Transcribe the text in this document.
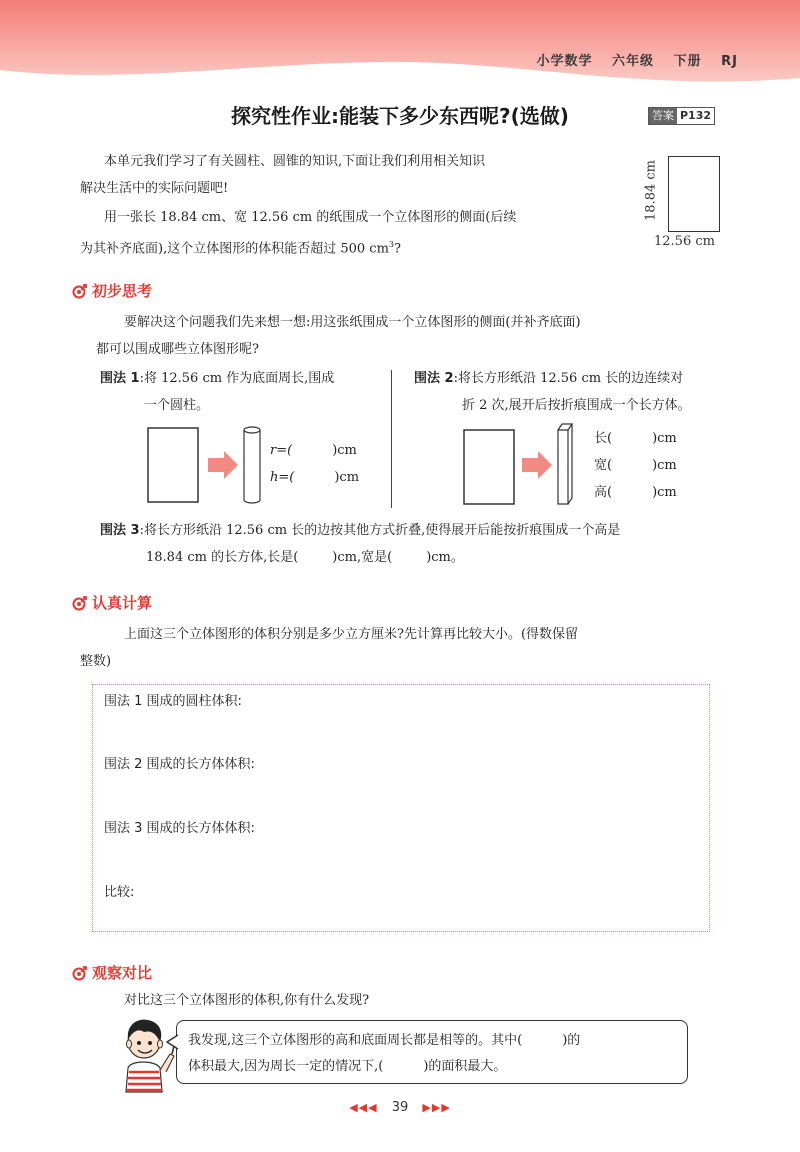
小学数学 六年级 下册 RJ
探究性作业:能装下多少东西呢?(选做)	答案 P132
本单元我们学习了有关圆柱、圆锥的知识,下面让我们利用相关知识
解决生活中的实际问题吧!
用一张长 18.84 cm、宽 12.56 cm 的纸围成一个立体图形的侧面(后续
为其补齐底面),这个立体图形的体积能否超过 500 $cm^3$?
18.84 cm
12.56 cm
初步思考
要解决这个问题我们先来想一想:用这张纸围成一个立体图形的侧面(并补齐底面)
都可以围成哪些立体图形呢?
围法 1:将 12.56 cm 作为底面周长,围成
一个圆柱。
r=(	)cm
h=(	)cm
围法 2:将长方形纸沿 12.56 cm 长的边连续对
折 2 次,展开后按折痕围成一个长方体。
长(	)cm
宽(	)cm
高(	)cm
围法 3:将长方形纸沿 12.56 cm 长的边按其他方式折叠,使得展开后能按折痕围成一个高是
18.84 cm 的长方体,长是(	)cm,宽是(	)cm。
认真计算
上面这三个立体图形的体积分别是多少立方厘米?先计算再比较大小。(得数保留
整数)
围法 1 围成的圆柱体积:
围法 2 围成的长方体体积:
围法 3 围成的长方体体积:
比较:
观察对比
对比这三个立体图形的体积,你有什么发现?
我发现,这三个立体图形的高和底面周长都是相等的。其中(	)的
体积最大,因为周长一定的情况下,(	)的面积最大。
◀◀◀ 39 ▶▶▶
